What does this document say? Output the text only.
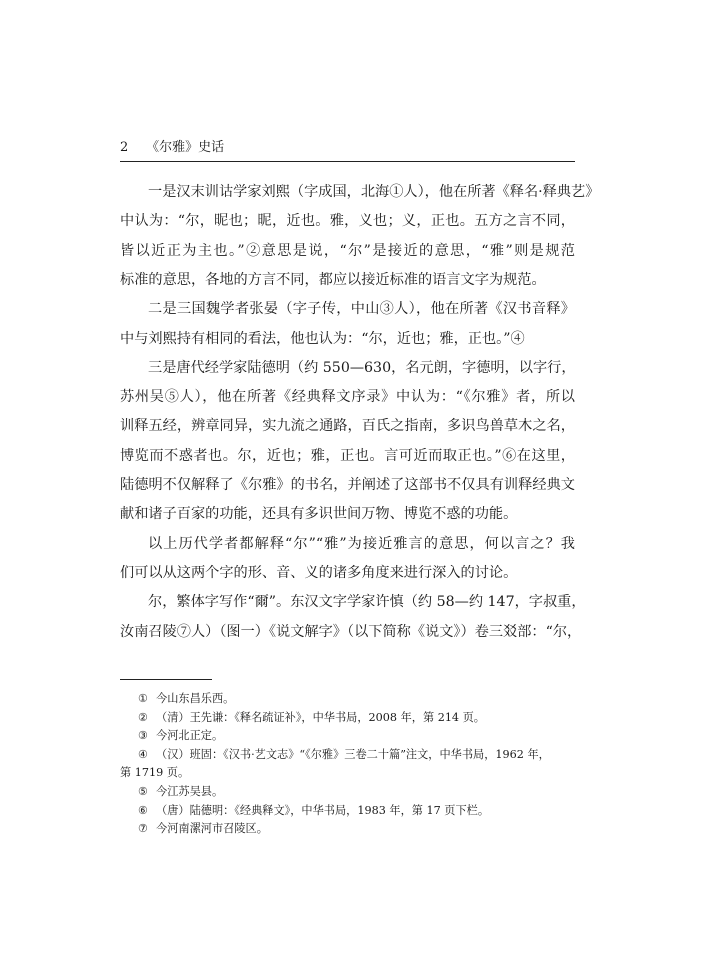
2 《尔雅》史话
一是汉末训诂学家刘熙（字成国，北海①人），他在所著《释名·释典艺》
中认为：“尔，昵也；昵，近也。雅，义也；义，正也。五方之言不同，
皆以近正为主也。”②意思是说，“尔”是接近的意思，“雅”则是规范
标准的意思，各地的方言不同，都应以接近标准的语言文字为规范。
二是三国魏学者张晏（字子传，中山③人），他在所著《汉书音释》
中与刘熙持有相同的看法，他也认为：“尔，近也；雅，正也。”④
三是唐代经学家陆德明（约 550—630，名元朗，字德明，以字行，
苏州吴⑤人），他在所著《经典释文序录》中认为：“《尔雅》者，所以
训释五经，辨章同异，实九流之通路，百氏之指南，多识鸟兽草木之名，
博览而不惑者也。尔，近也；雅，正也。言可近而取正也。”⑥在这里，
陆德明不仅解释了《尔雅》的书名，并阐述了这部书不仅具有训释经典文
献和诸子百家的功能，还具有多识世间万物、博览不惑的功能。
以上历代学者都解释“尔”“雅”为接近雅言的意思，何以言之？我
们可以从这两个字的形、音、义的诸多角度来进行深入的讨论。
尔，繁体字写作“爾”。东汉文字学家许慎（约 58—约 147，字叔重，
汝南召陵⑦人）（图一）《说文解字》（以下简称《说文》）卷三㸚部：“尔，
① 今山东昌乐西。
② （清）王先谦：《释名疏证补》，中华书局，2008 年，第 214 页。
③ 今河北正定。
④ （汉）班固：《汉书·艺文志》“《尔雅》三卷二十篇”注文，中华书局，1962 年，
第 1719 页。
⑤ 今江苏吴县。
⑥ （唐）陆德明：《经典释文》，中华书局，1983 年，第 17 页下栏。
⑦ 今河南漯河市召陵区。
